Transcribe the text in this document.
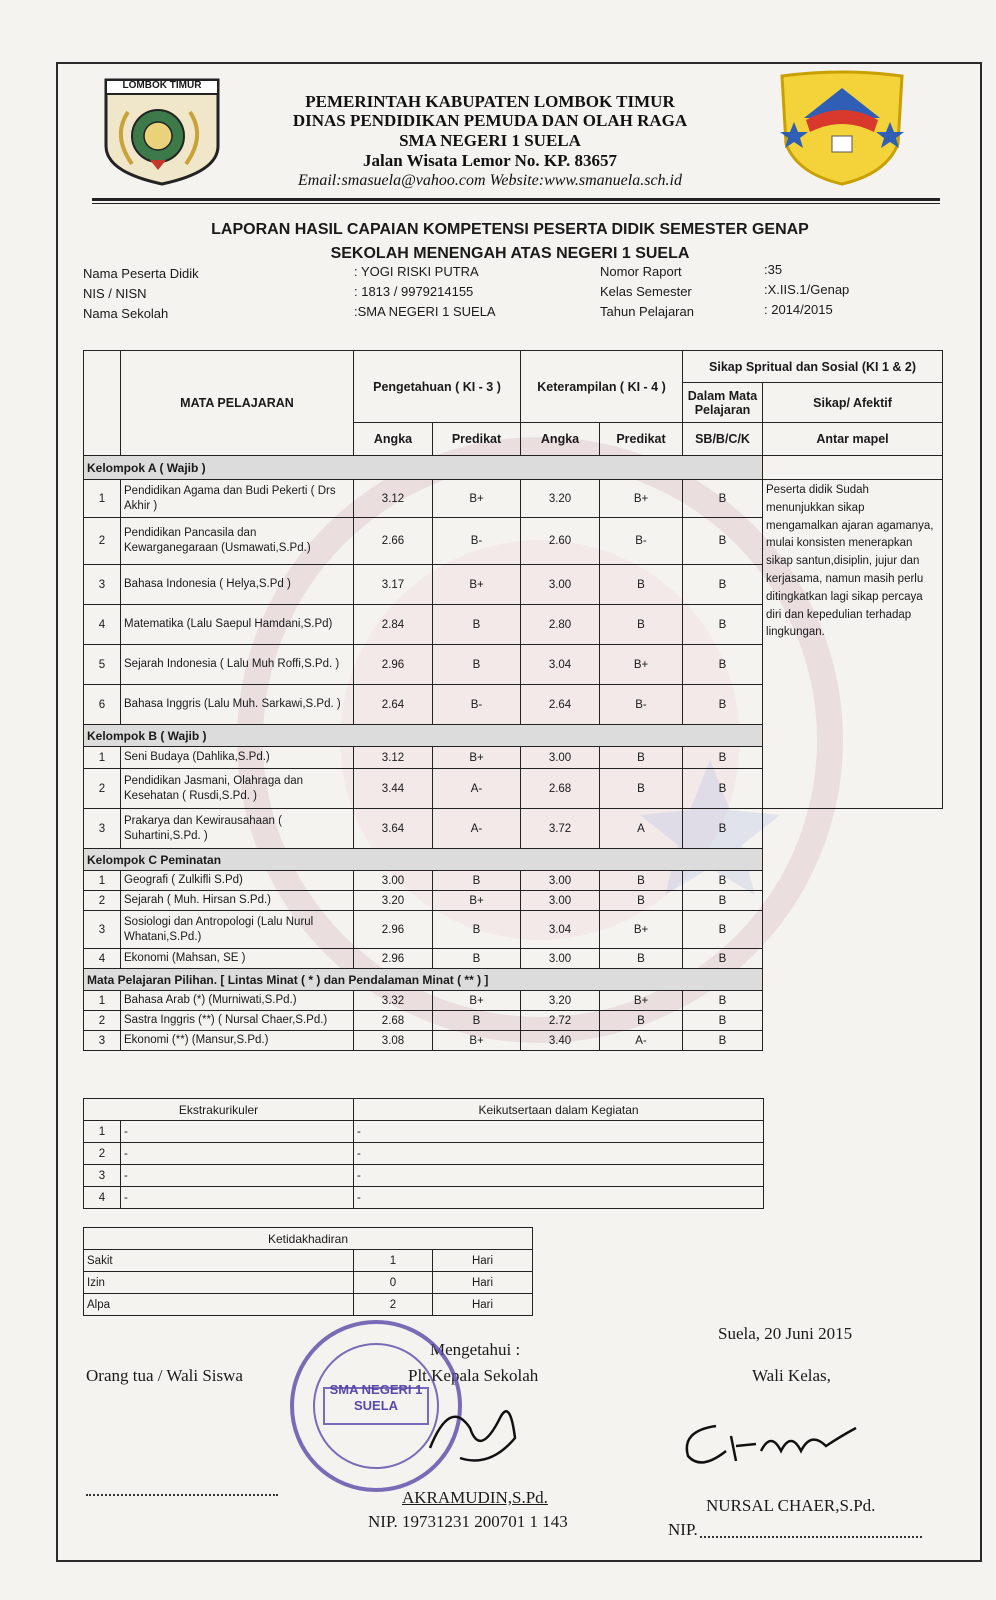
LOMBOK TIMUR
PEMERINTAH KABUPATEN LOMBOK TIMUR
DINAS PENDIDIKAN PEMUDA DAN OLAH RAGA
SMA NEGERI 1 SUELA
Jalan Wisata Lemor No. KP. 83657
Email:smasuela@vahoo.com Website:www.smanuela.sch.id
LAPORAN HASIL CAPAIAN KOMPETENSI PESERTA DIDIK SEMESTER GENAP
SEKOLAH MENENGAH ATAS NEGERI 1 SUELA
Nama Peserta Didik	: YOGI RISKI PUTRA
NIS / NISN	: 1813 / 9979214155
Nama Sekolah	:SMA NEGERI 1 SUELA
Nomor Raport	:35
Kelas Semester	:X.IIS.1/Genap
Tahun Pelajaran	: 2014/2015
	MATA PELAJARAN	Pengetahuan ( KI - 3 )		Keterampilan ( KI - 4 )		Sikap Spritual dan Sosial (KI 1 & 2)	
						Dalam Mata Pelajaran	Sikap/ Afektif
		Angka	Predikat	Angka	Predikat	SB/B/C/K	Antar mapel
Kelompok A ( Wajib )							
1	Pendidikan Agama dan Budi Pekerti ( Drs Akhir )	3.12	B+	3.20	B+	B	Peserta didik Sudah menunjukkan sikap mengamalkan ajaran agamanya, mulai konsisten menerapkan sikap santun,disiplin, jujur dan kerjasama, namun masih perlu ditingkatkan lagi sikap percaya diri dan kepedulian terhadap lingkungan.
2	Pendidikan Pancasila dan Kewarganegaraan (Usmawati,S.Pd.)	2.66	B-	2.60	B-	B	
3	Bahasa Indonesia ( Helya,S.Pd )	3.17	B+	3.00	B	B	
4	Matematika (Lalu Saepul Hamdani,S.Pd)	2.84	B	2.80	B	B	
5	Sejarah Indonesia ( Lalu Muh Roffi,S.Pd. )	2.96	B	3.04	B+	B	
6	Bahasa Inggris (Lalu Muh. Sarkawi,S.Pd. )	2.64	B-	2.64	B-	B	
Kelompok B ( Wajib )							
1	Seni Budaya (Dahlika,S.Pd.)	3.12	B+	3.00	B	B	
2	Pendidikan Jasmani, Olahraga dan Kesehatan ( Rusdi,S.Pd. )	3.44	A-	2.68	B	B	
3	Prakarya dan Kewirausahaan ( Suhartini,S.Pd. )	3.64	A-	3.72	A	B	
Kelompok C Peminatan							
1	Geografi ( Zulkifli S.Pd)	3.00	B	3.00	B	B	
2	Sejarah ( Muh. Hirsan S.Pd.)	3.20	B+	3.00	B	B	
3	Sosiologi dan Antropologi (Lalu Nurul Whatani,S.Pd.)	2.96	B	3.04	B+	B	
4	Ekonomi (Mahsan, SE )	2.96	B	3.00	B	B	
Mata Pelajaran Pilihan. [ Lintas Minat ( * ) dan Pendalaman Minat ( ** ) ]							
1	Bahasa Arab (*) (Murniwati,S.Pd.)	3.32	B+	3.20	B+	B	
2	Sastra Inggris (**) ( Nursal Chaer,S.Pd.)	2.68	B	2.72	B	B	
3	Ekonomi (**) (Mansur,S.Pd.)	3.08	B+	3.40	A-	B	
Ekstrakurikuler		Keikutsertaan dalam Kegiatan
1	-	-
2	-	-
3	-	-
4	-	-
Ketidakhadiran		
Sakit	1	Hari
Izin	0	Hari
Alpa	2	Hari
Suela, 20 Juni 2015
Orang tua / Wali Siswa
Mengetahui :
Plt.Kepala Sekolah	Wali Kelas,
SMA NEGERI 1 SUELA
AKRAMUDIN,S.Pd.
NIP. 19731231 200701 1 143
NURSAL CHAER,S.Pd.
NIP.
